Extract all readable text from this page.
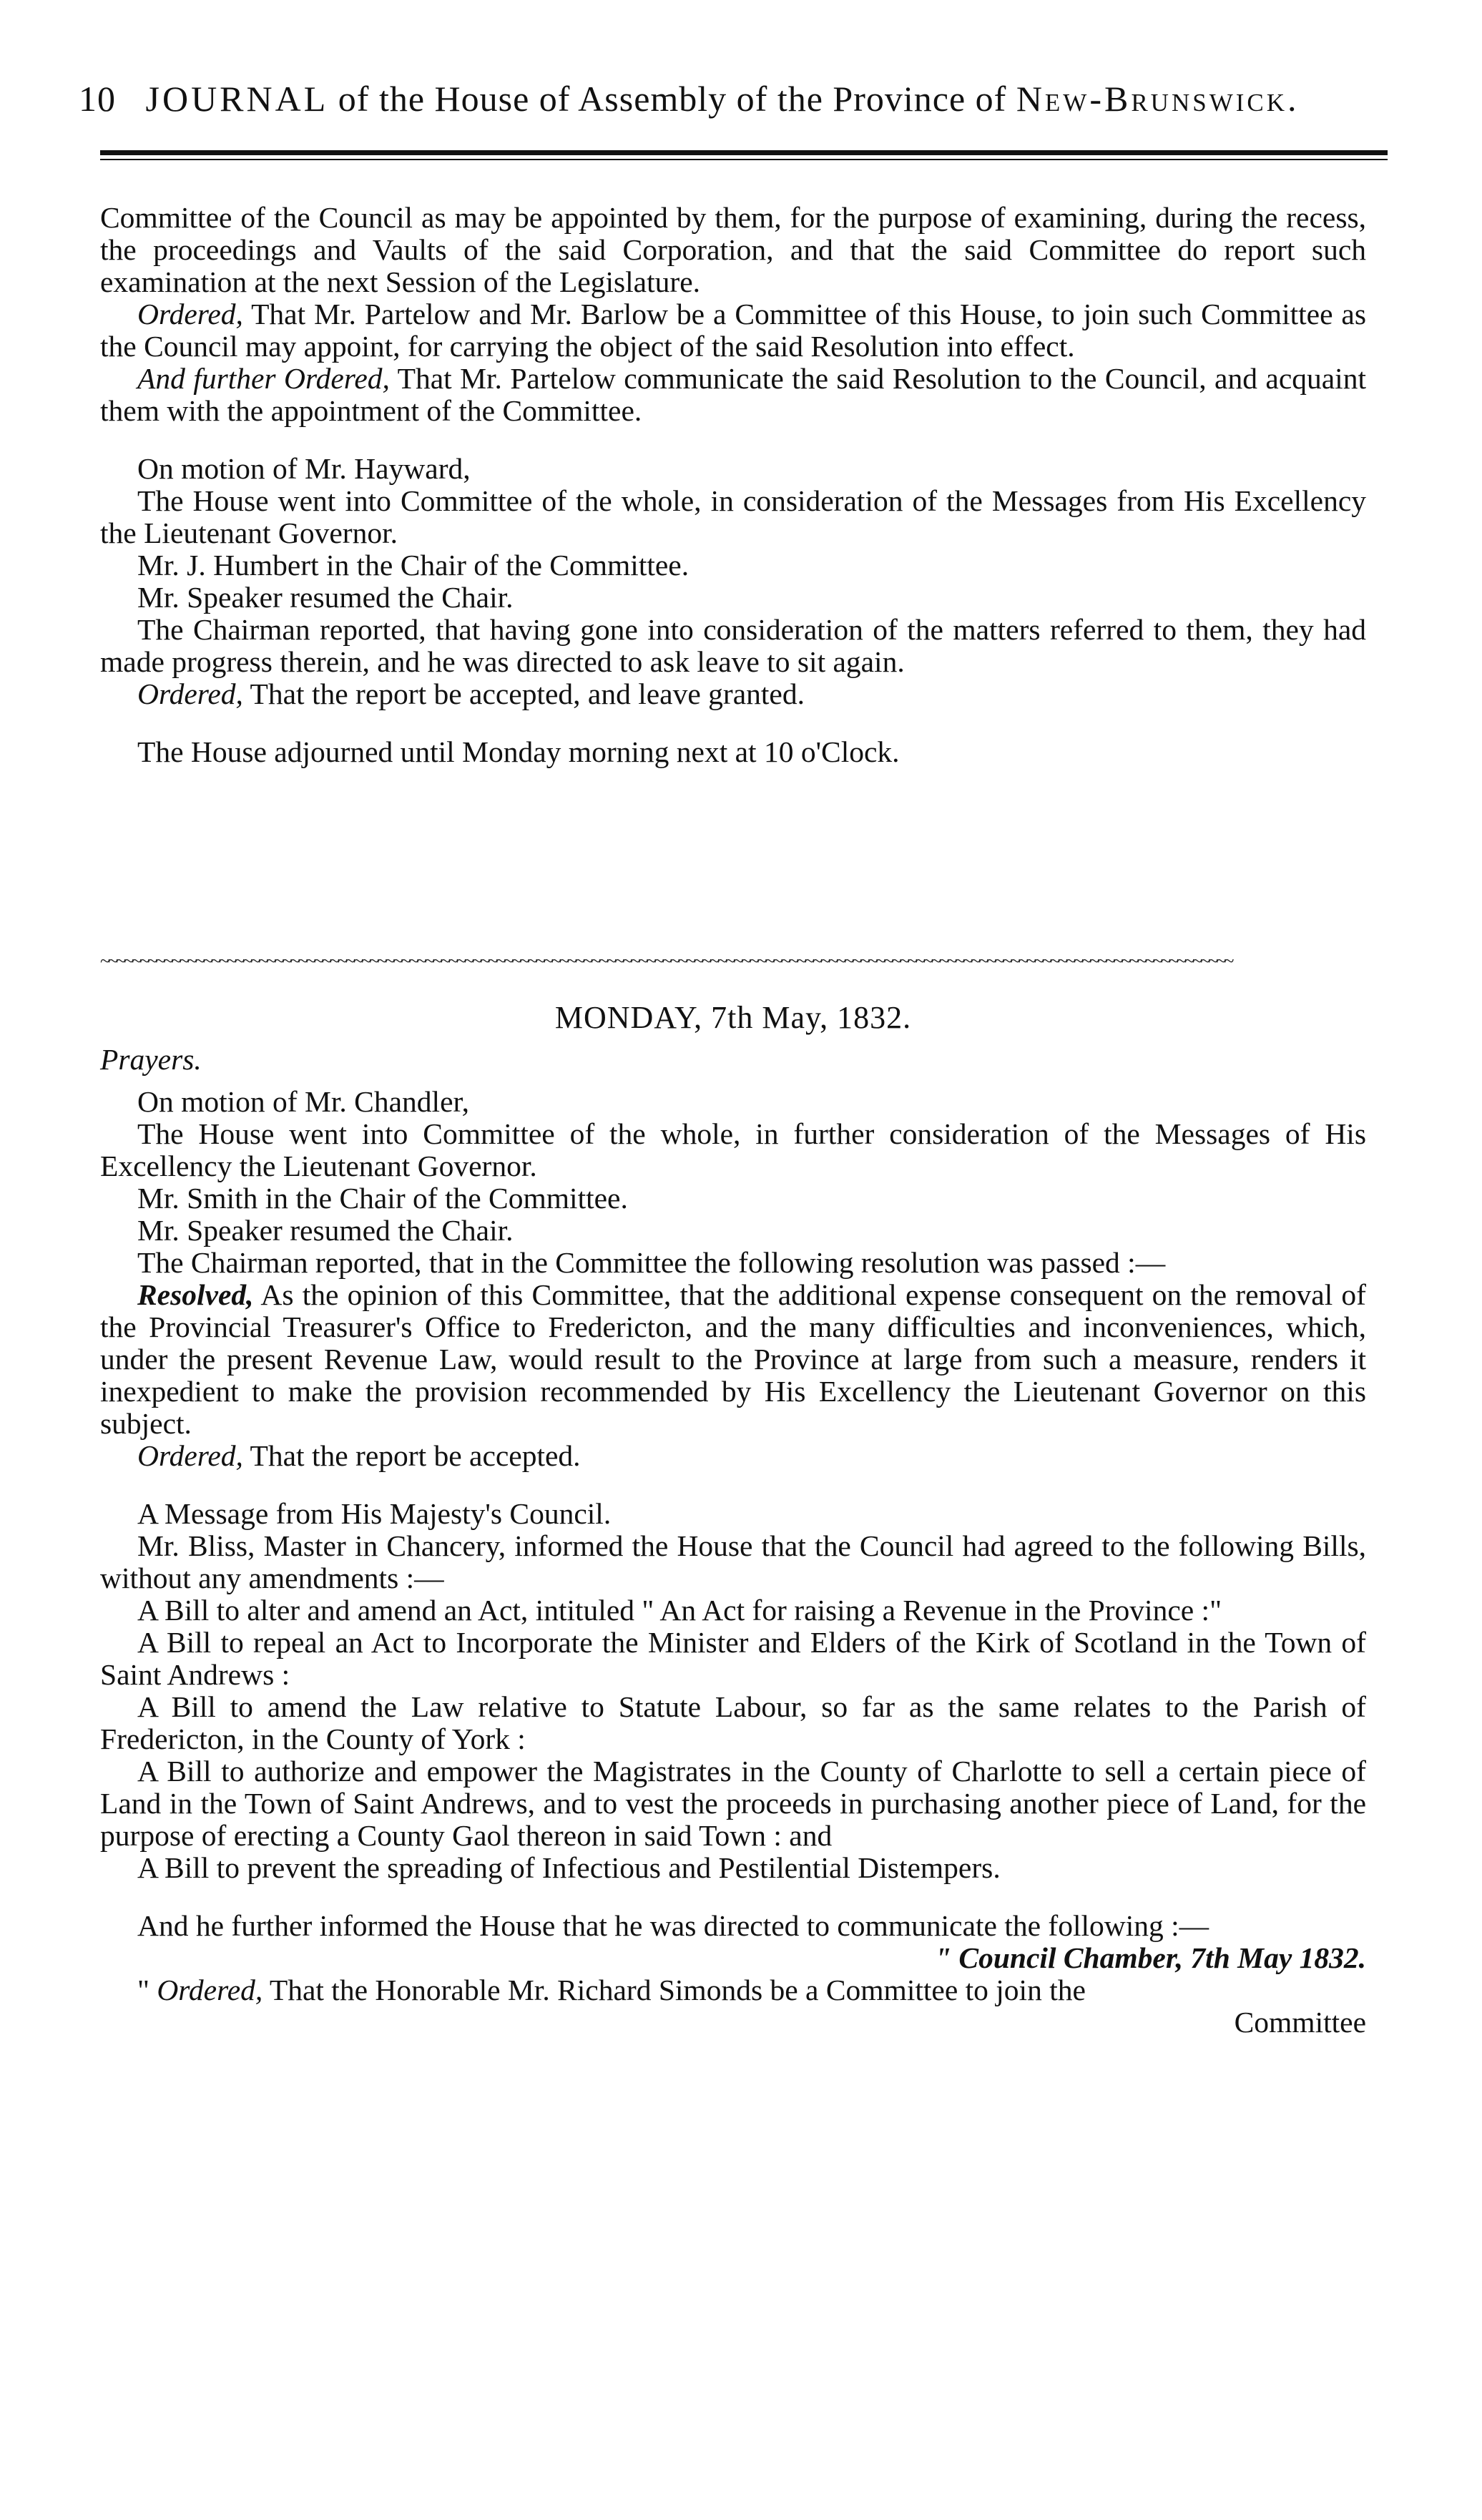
10 JOURNAL of the House of Assembly of the Province of New-Brunswick.

Committee of the Council as may be appointed by them, for the purpose of examining, during the recess, the proceedings and Vaults of the said Corporation, and that the said Committee do report such examination at the next Session of the Legislature.

Ordered, That Mr. Partelow and Mr. Barlow be a Committee of this House, to join such Committee as the Council may appoint, for carrying the object of the said Resolution into effect.

And further Ordered, That Mr. Partelow communicate the said Resolution to the Council, and acquaint them with the appointment of the Committee.

On motion of Mr. Hayward,

The House went into Committee of the whole, in consideration of the Messages from His Excellency the Lieutenant Governor.

Mr. J. Humbert in the Chair of the Committee.

Mr. Speaker resumed the Chair.

The Chairman reported, that having gone into consideration of the matters referred to them, they had made progress therein, and he was directed to ask leave to sit again.

Ordered, That the report be accepted, and leave granted.

The House adjourned until Monday morning next at 10 o'Clock.

~~~~~~~~~~~~~~~~~~~~~~~~~~~~~~~~~~~~~~~~~~~~~~~~~~~~~~~~~~~~~~~~~~~~~~~~~~~~~~~~~~~~~~~~~~~~~~~~~~~~~~~~~~~~~~~~~~~~~~~~~~~~~~~~~~~~~~~~~~~~~~~

MONDAY, 7th May, 1832.

Prayers.

On motion of Mr. Chandler,

The House went into Committee of the whole, in further consideration of the Messages of His Excellency the Lieutenant Governor.

Mr. Smith in the Chair of the Committee.

Mr. Speaker resumed the Chair.

The Chairman reported, that in the Committee the following resolution was passed :—

Resolved, As the opinion of this Committee, that the additional expense consequent on the removal of the Provincial Treasurer's Office to Fredericton, and the many difficulties and inconveniences, which, under the present Revenue Law, would result to the Province at large from such a measure, renders it inexpedient to make the provision recommended by His Excellency the Lieutenant Governor on this subject.

Ordered, That the report be accepted.

A Message from His Majesty's Council.

Mr. Bliss, Master in Chancery, informed the House that the Council had agreed to the following Bills, without any amendments :—

A Bill to alter and amend an Act, intituled " An Act for raising a Revenue in the Province :"

A Bill to repeal an Act to Incorporate the Minister and Elders of the Kirk of Scotland in the Town of Saint Andrews :

A Bill to amend the Law relative to Statute Labour, so far as the same relates to the Parish of Fredericton, in the County of York :

A Bill to authorize and empower the Magistrates in the County of Charlotte to sell a certain piece of Land in the Town of Saint Andrews, and to vest the proceeds in purchasing another piece of Land, for the purpose of erecting a County Gaol thereon in said Town : and

A Bill to prevent the spreading of Infectious and Pestilential Distempers.

And he further informed the House that he was directed to communicate the following :—

" Council Chamber, 7th May 1832.

" Ordered, That the Honorable Mr. Richard Simonds be a Committee to join the

Committee
